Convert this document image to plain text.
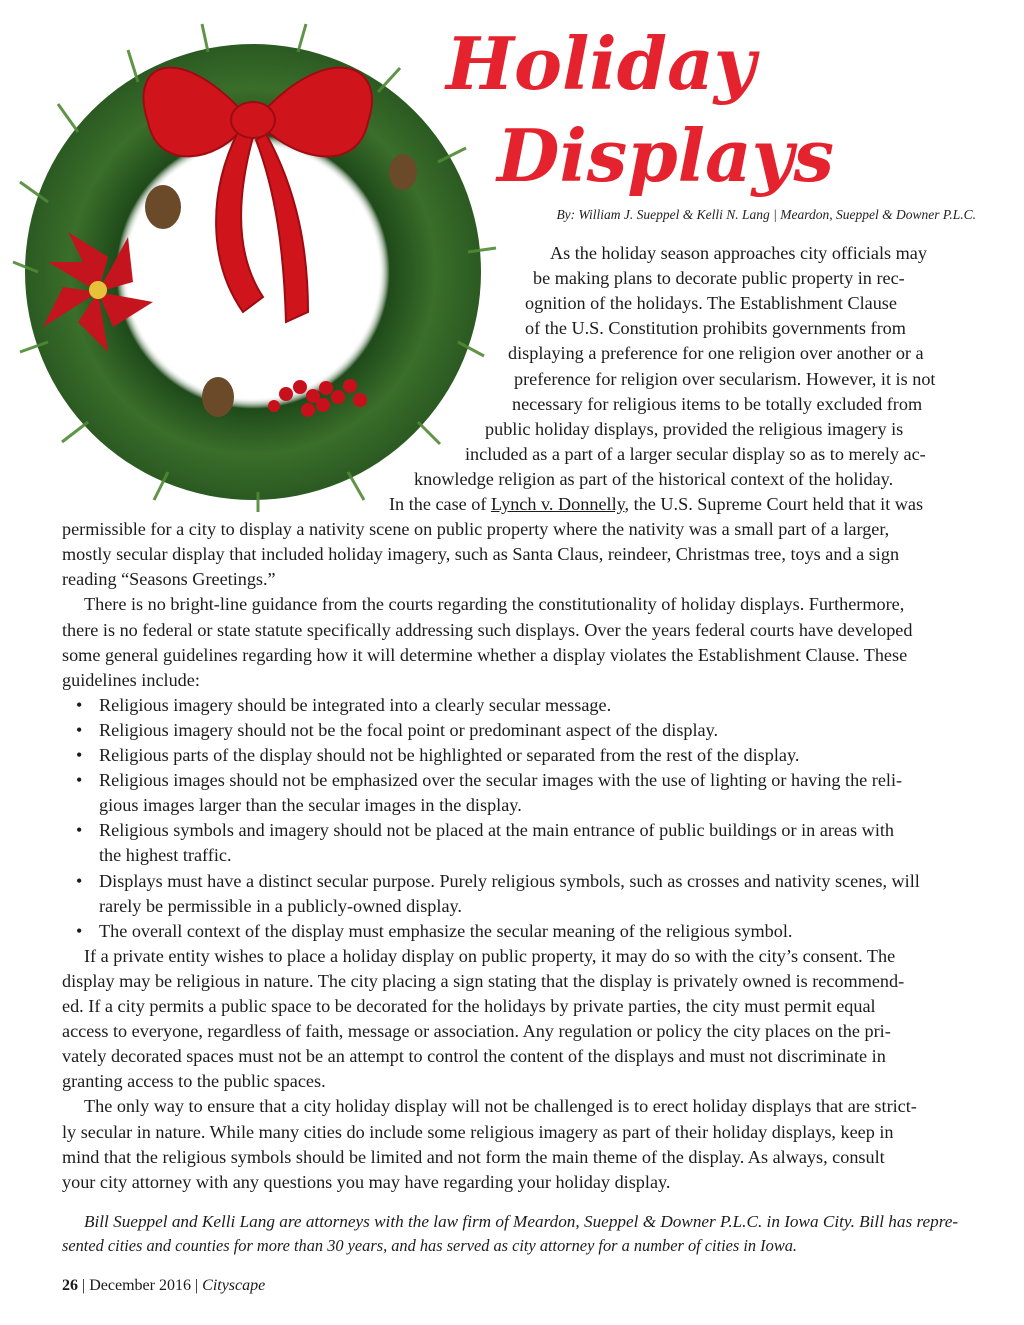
Holiday
Displays
By: William J. Sueppel & Kelli N. Lang | Meardon, Sueppel & Downer P.L.C.
As the holiday season approaches city officials may
be making plans to decorate public property in rec-
ognition of the holidays. The Establishment Clause
of the U.S. Constitution prohibits governments from
displaying a preference for one religion over another or a
preference for religion over secularism. However, it is not
necessary for religious items to be totally excluded from
public holiday displays, provided the religious imagery is
included as a part of a larger secular display so as to merely ac-
knowledge religion as part of the historical context of the holiday.
In the case of Lynch v. Donnelly, the U.S. Supreme Court held that it was
permissible for a city to display a nativity scene on public property where the nativity was a small part of a larger,
mostly secular display that included holiday imagery, such as Santa Claus, reindeer, Christmas tree, toys and a sign
reading “Seasons Greetings.”
There is no bright-line guidance from the courts regarding the constitutionality of holiday displays. Furthermore,
there is no federal or state statute specifically addressing such displays. Over the years federal courts have developed
some general guidelines regarding how it will determine whether a display violates the Establishment Clause. These
guidelines include:
• Religious imagery should be integrated into a clearly secular message.
• Religious imagery should not be the focal point or predominant aspect of the display.
• Religious parts of the display should not be highlighted or separated from the rest of the display.
• Religious images should not be emphasized over the secular images with the use of lighting or having the reli-
gious images larger than the secular images in the display.
• Religious symbols and imagery should not be placed at the main entrance of public buildings or in areas with
the highest traffic.
• Displays must have a distinct secular purpose. Purely religious symbols, such as crosses and nativity scenes, will
rarely be permissible in a publicly-owned display.
• The overall context of the display must emphasize the secular meaning of the religious symbol.
If a private entity wishes to place a holiday display on public property, it may do so with the city’s consent. The
display may be religious in nature. The city placing a sign stating that the display is privately owned is recommend-
ed. If a city permits a public space to be decorated for the holidays by private parties, the city must permit equal
access to everyone, regardless of faith, message or association. Any regulation or policy the city places on the pri-
vately decorated spaces must not be an attempt to control the content of the displays and must not discriminate in
granting access to the public spaces.
The only way to ensure that a city holiday display will not be challenged is to erect holiday displays that are strict-
ly secular in nature. While many cities do include some religious imagery as part of their holiday displays, keep in
mind that the religious symbols should be limited and not form the main theme of the display. As always, consult
your city attorney with any questions you may have regarding your holiday display.
Bill Sueppel and Kelli Lang are attorneys with the law firm of Meardon, Sueppel & Downer P.L.C. in Iowa City. Bill has repre-
sented cities and counties for more than 30 years, and has served as city attorney for a number of cities in Iowa.
26 | December 2016 | Cityscape
